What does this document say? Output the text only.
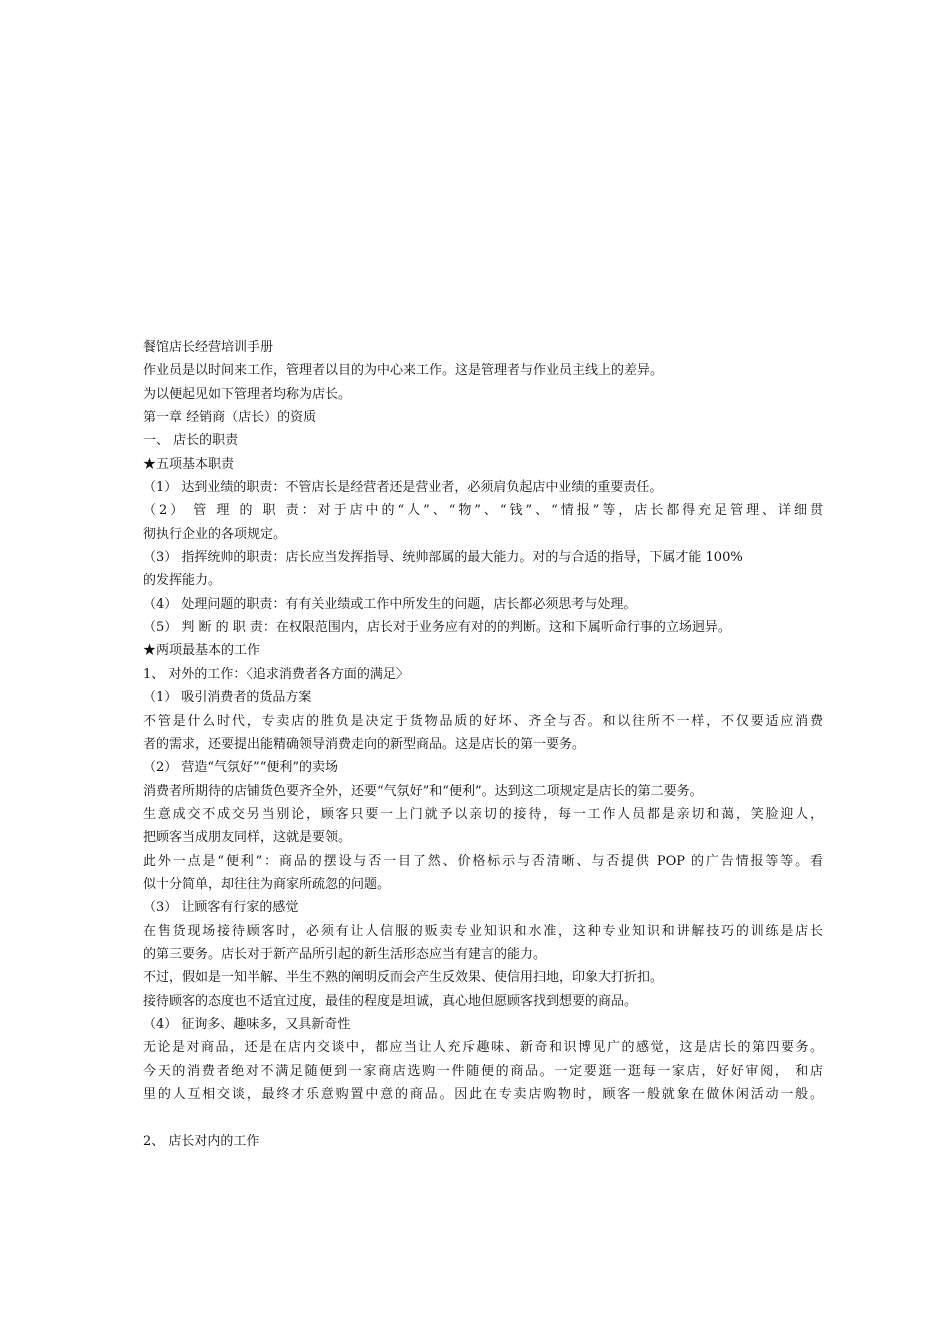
餐馆店长经营培训手册
作业员是以时间来工作，管理者以目的为中心来工作。这是管理者与作业员主线上的差异。
为以便起见如下管理者均称为店长。
第一章 经销商（店长）的资质
一、 店长的职责
★五项基本职责
（1） 达到业绩的职责：不管店长是经营者还是营业者，必须肩负起店中业绩的重要责任。
（2） 管 理 的 职 责：对于店中的“人”、“物”、“钱”、“情报”等，店长都得充足管理、详细贯
彻执行企业的各项规定。
（3） 指挥统帅的职责：店长应当发挥指导、统帅部属的最大能力。对的与合适的指导，下属才能 100%
的发挥能力。
（4） 处理问题的职责：有有关业绩或工作中所发生的问题，店长都必须思考与处理。
（5） 判 断 的 职 责：在权限范围内，店长对于业务应有对的的判断。这和下属听命行事的立场迥异。
★两项最基本的工作
1、 对外的工作：〈追求消费者各方面的满足〉
（1） 吸引消费者的货品方案
不管是什么时代，专卖店的胜负是决定于货物品质的好坏、齐全与否。和以往所不一样，不仅要适应消费
者的需求，还要提出能精确领导消费走向的新型商品。这是店长的第一要务。
（2） 营造“气氛好”“便利”的卖场
消费者所期待的店铺货色要齐全外，还要“气氛好”和“便利”。达到这二项规定是店长的第二要务。
生意成交不成交另当别论，顾客只要一上门就予以亲切的接待，每一工作人员都是亲切和蔼，笑脸迎人，
把顾客当成朋友同样，这就是要领。
此外一点是“便利”：商品的摆设与否一目了然、价格标示与否清晰、与否提供 POP 的广告情报等等。看
似十分简单，却往往为商家所疏忽的问题。
（3） 让顾客有行家的感觉
在售货现场接待顾客时，必须有让人信服的贩卖专业知识和水准，这种专业知识和讲解技巧的训练是店长
的第三要务。店长对于新产品所引起的新生活形态应当有建言的能力。
不过，假如是一知半解、半生不熟的阐明反而会产生反效果、使信用扫地，印象大打折扣。
接待顾客的态度也不适宜过度，最佳的程度是坦诚，真心地但愿顾客找到想要的商品。
（4） 征询多、趣味多，又具新奇性
无论是对商品，还是在店内交谈中，都应当让人充斥趣味、新奇和识博见广的感觉，这是店长的第四要务。
今天的消费者绝对不满足随便到一家商店选购一件随便的商品。一定要逛一逛每一家店，好好审阅， 和店
里的人互相交谈，最终才乐意购置中意的商品。因此在专卖店购物时，顾客一般就象在做休闲活动一般。
2、 店长对内的工作
